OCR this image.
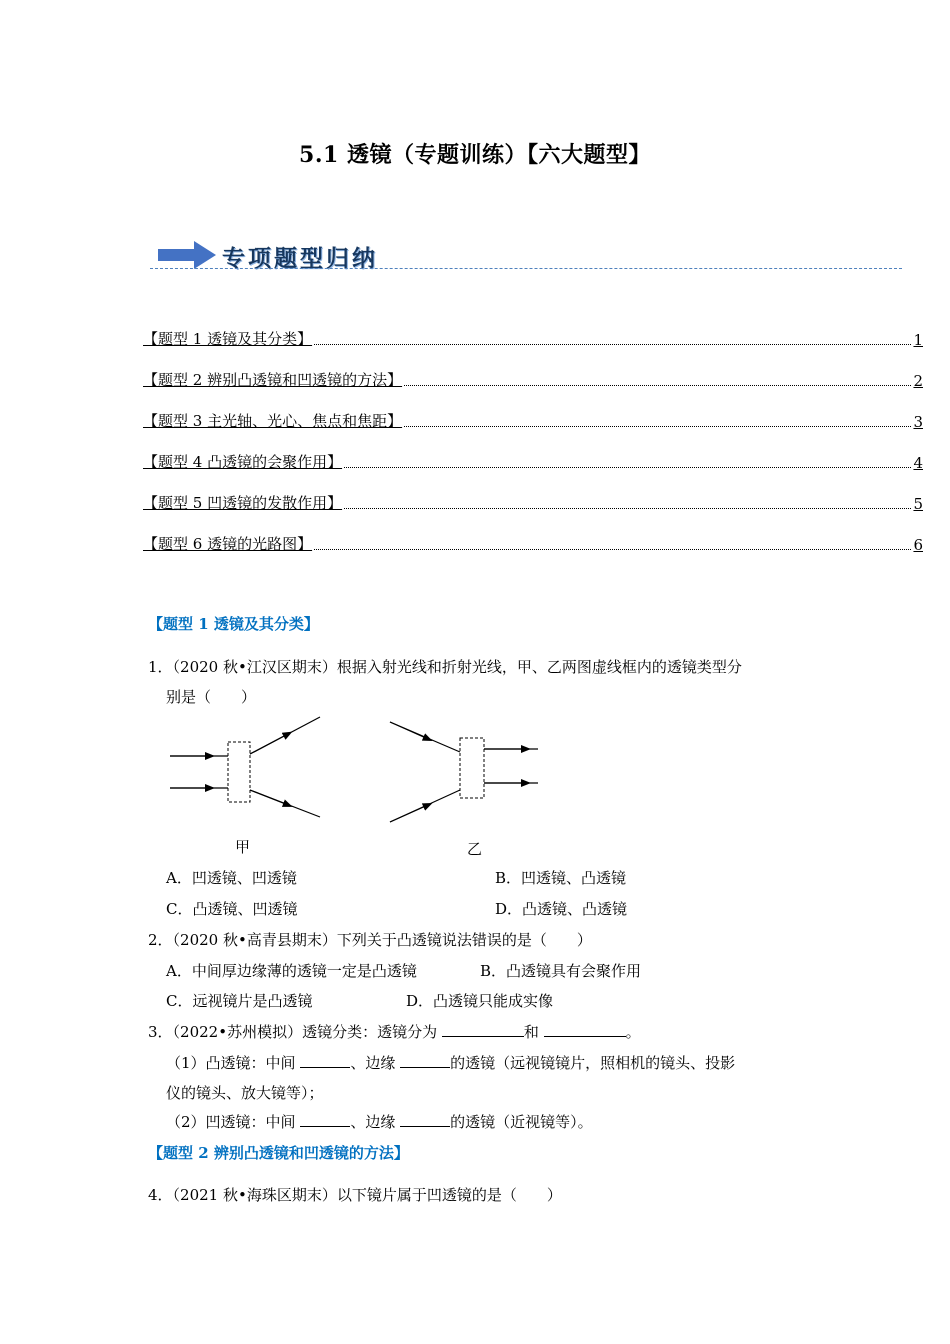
5.1 透镜（专题训练）【六大题型】
专项题型归纳
【题型 1 透镜及其分类】	1
【题型 2 辨别凸透镜和凹透镜的方法】	2
【题型 3 主光轴、光心、焦点和焦距】	3
【题型 4 凸透镜的会聚作用】	4
【题型 5 凹透镜的发散作用】	5
【题型 6 透镜的光路图】	6
【题型 1 透镜及其分类】
1．（2020 秋•江汉区期末）根据入射光线和折射光线，甲、乙两图虚线框内的透镜类型分
别是（　　）
甲	乙
A．凹透镜、凹透镜	B．凹透镜、凸透镜
C．凸透镜、凹透镜	D．凸透镜、凸透镜
2．（2020 秋•高青县期末）下列关于凸透镜说法错误的是（　　）
A．中间厚边缘薄的透镜一定是凸透镜	B．凸透镜具有会聚作用
C．远视镜片是凸透镜	D．凸透镜只能成实像
3．（2022•苏州模拟）透镜分类：透镜分为	和	。
（1）凸透镜：中间	、边缘	的透镜（远视镜镜片，照相机的镜头、投影
仪的镜头、放大镜等）；
（2）凹透镜：中间	、边缘	的透镜（近视镜等）。
【题型 2 辨别凸透镜和凹透镜的方法】
4．（2021 秋•海珠区期末）以下镜片属于凹透镜的是（　　）
